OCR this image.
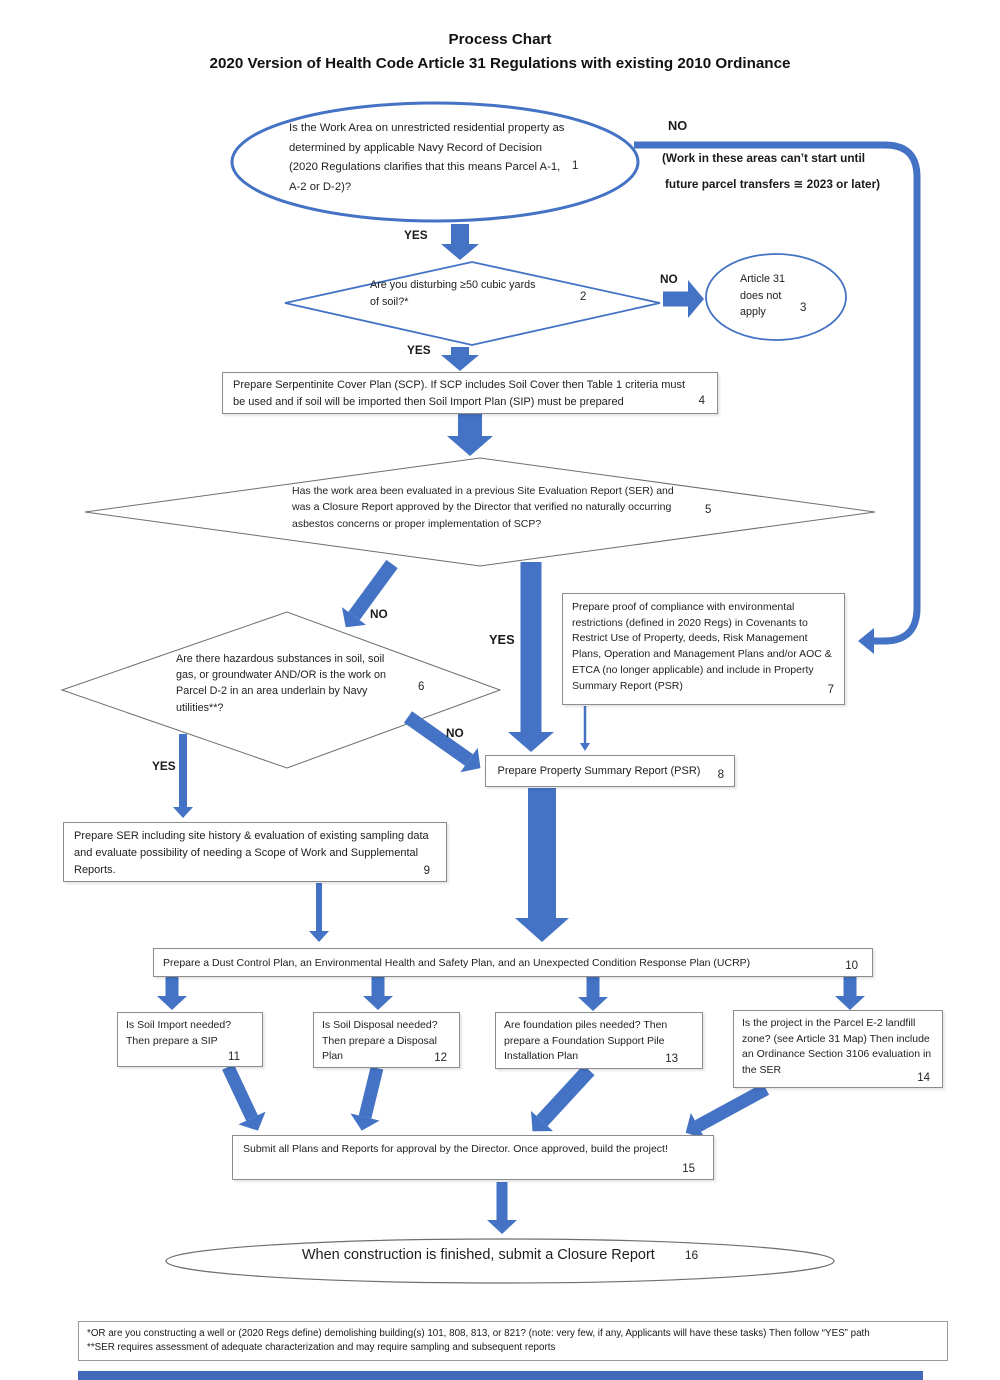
Process Chart
2020 Version of Health Code Article 31 Regulations with existing 2010 Ordinance
Is the Work Area on unrestricted residential property as determined by applicable Navy Record of Decision (2020 Regulations clarifies that this means Parcel A-1, A-2 or D-2)?
1
Are you disturbing ≥50 cubic yards of soil?*	2
Article 31 does not apply	3
Has the work area been evaluated in a previous Site Evaluation Report (SER) and was a Closure Report approved by the Director that verified no naturally occurring asbestos concerns or proper implementation of SCP?
5
Are there hazardous substances in soil, soil gas, or groundwater AND/OR is the work on Parcel D-2 in an area underlain by Navy utilities**?
6
When construction is finished, submit a Closure Report	16
Prepare Serpentinite Cover Plan (SCP). If SCP includes Soil Cover then Table 1 criteria must be used and if soil will be imported then Soil Import Plan (SIP) must be prepared	4
Prepare proof of compliance with environmental restrictions (defined in 2020 Regs) in Covenants to Restrict Use of Property, deeds, Risk Management Plans, Operation and Management Plans and/or AOC & ETCA (no longer applicable) and include in Property Summary Report (PSR)	7
Prepare Property Summary Report (PSR) 8
Prepare SER including site history & evaluation of existing sampling data and evaluate possibility of needing a Scope of Work and Supplemental Reports.	9
Prepare a Dust Control Plan, an Environmental Health and Safety Plan, and an Unexpected Condition Response Plan (UCRP)	10
Is Soil Import needed? Then prepare a SIP
11
Is Soil Disposal needed? Then prepare a Disposal Plan	12
Are foundation piles needed? Then prepare a Foundation Support Pile Installation Plan	13
Is the project in the Parcel E-2 landfill zone? (see Article 31 Map) Then include an Ordinance Section 3106 evaluation in the SER
14
Submit all Plans and Reports for approval by the Director. Once approved, build the project!
15
YES
NO
(Work in these areas can’t start until
future parcel transfers ≅ 2023 or later)
NO
YES
NO
YES
YES
NO
*OR are you constructing a well or (2020 Regs define) demolishing building(s) 101, 808, 813, or 821? (note: very few, if any, Applicants will have these tasks) Then follow “YES” path
**SER requires assessment of adequate characterization and may require sampling and subsequent reports
